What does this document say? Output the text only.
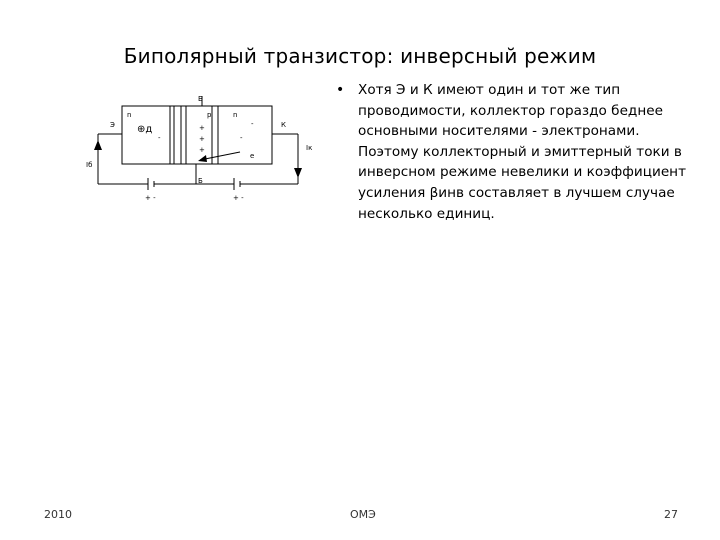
Биполярный транзистор: инверсный режим
Б
Э	К
n	p	n
⊕д
Iб
Iк
Б
e
-
-
-
+
+
+
+ -	+ -
• Хотя Э и К имеют один и тот же тип проводимости, коллектор гораздо беднее основными носителями - электронами. Поэтому коллекторный и эмиттерный токи в инверсном режиме невелики и коэффициент усиления βинв составляет в лучшем случае несколько единиц.

2010	ОМЭ	27
